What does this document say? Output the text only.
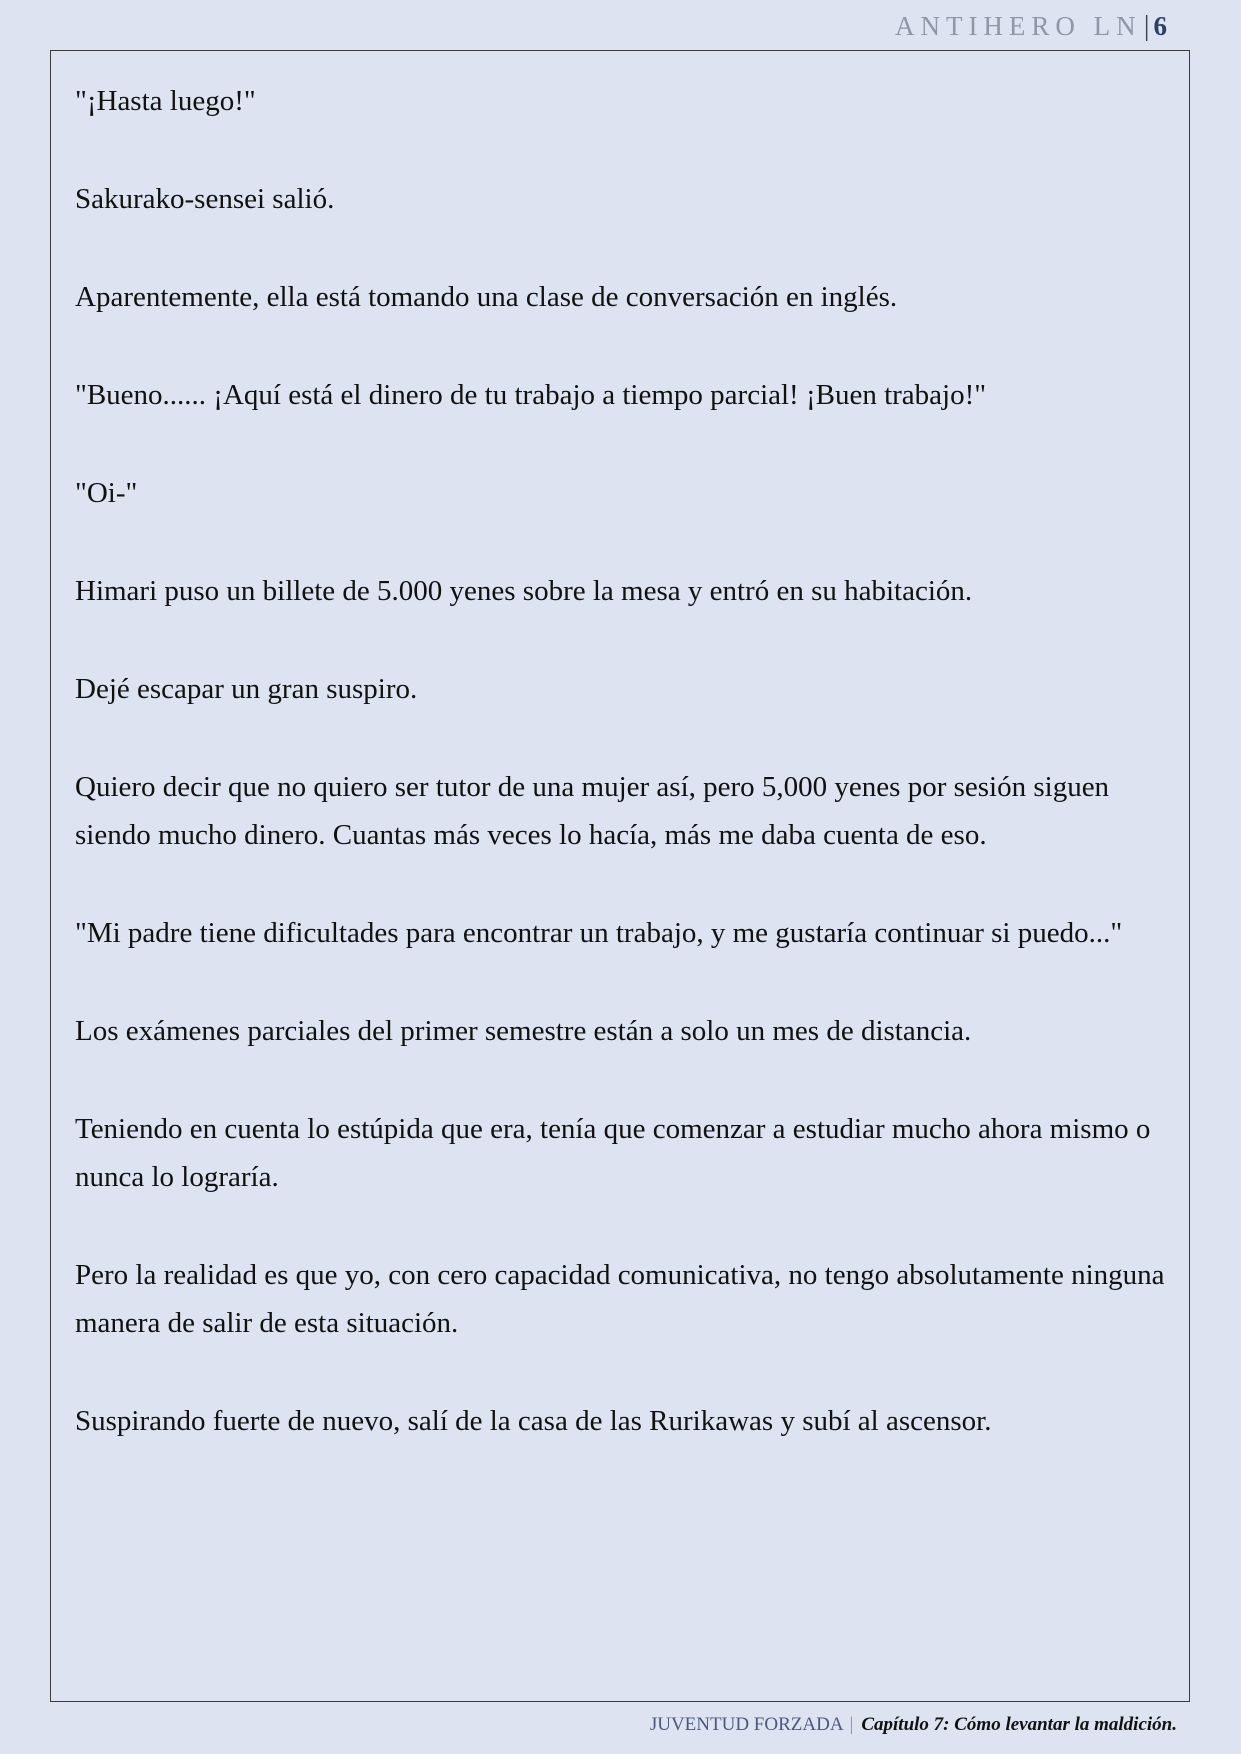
ANTIHERO LN | 6

"¡Hasta luego!"

Sakurako-sensei salió.

Aparentemente, ella está tomando una clase de conversación en inglés.

"Bueno...... ¡Aquí está el dinero de tu trabajo a tiempo parcial! ¡Buen trabajo!"

"Oi-"

Himari puso un billete de 5.000 yenes sobre la mesa y entró en su habitación.

Dejé escapar un gran suspiro.

Quiero decir que no quiero ser tutor de una mujer así, pero 5,000 yenes por sesión siguen siendo mucho dinero. Cuantas más veces lo hacía, más me daba cuenta de eso.

"Mi padre tiene dificultades para encontrar un trabajo, y me gustaría continuar si puedo..."

Los exámenes parciales del primer semestre están a solo un mes de distancia.

Teniendo en cuenta lo estúpida que era, tenía que comenzar a estudiar mucho ahora mismo o nunca lo lograría.

Pero la realidad es que yo, con cero capacidad comunicativa, no tengo absolutamente ninguna manera de salir de esta situación.

Suspirando fuerte de nuevo, salí de la casa de las Rurikawas y subí al ascensor.

JUVENTUD FORZADA | Capítulo 7: Cómo levantar la maldición.
